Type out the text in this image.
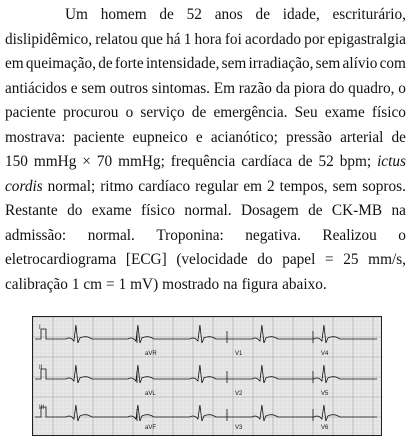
Um homem de 52 anos de idade, escriturário,
dislipidêmico, relatou que há 1 hora foi acordado por epigastralgia
em queimação, de forte intensidade, sem irradiação, sem alívio com
antiácidos e sem outros sintomas. Em razão da piora do quadro, o
paciente procurou o serviço de emergência. Seu exame físico
mostrava: paciente eupneico e acianótico; pressão arterial de
150 mmHg × 70 mmHg; frequência cardíaca de 52 bpm; ictus
cordis normal; ritmo cardíaco regular em 2 tempos, sem sopros.
Restante do exame físico normal. Dosagem de CK-MB na
admissão: normal. Troponina: negativa. Realizou o
eletrocardiograma [ECG] (velocidade do papel = 25 mm/s,
calibração 1 cm = 1 mV) mostrado na figura abaixo.
I
II
III
aVR	V1	V4
aVL	V2	V5
aVF	V3	V6
